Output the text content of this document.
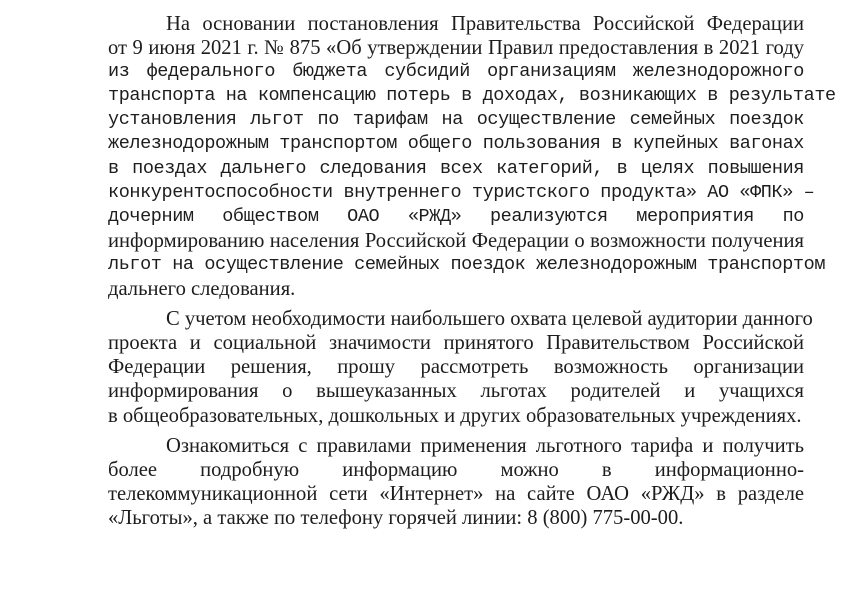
На основании постановления Правительства Российской Федерации
от 9 июня 2021 г. № 875 «Об утверждении Правил предоставления в 2021 году
из федерального бюджета субсидий организациям железнодорожного
транспорта на компенсацию потерь в доходах, возникающих в результате
установления льгот по тарифам на осуществление семейных поездок
железнодорожным транспортом общего пользования в купейных вагонах
в поездах дальнего следования всех категорий, в целях повышения
конкурентоспособности внутреннего туристского продукта» АО «ФПК» –
дочерним обществом ОАО «РЖД» реализуются мероприятия по
информированию населения Российской Федерации о возможности получения
льгот на осуществление семейных поездок железнодорожным транспортом
дальнего следования.
С учетом необходимости наибольшего охвата целевой аудитории данного
проекта и социальной значимости принятого Правительством Российской
Федерации решения, прошу рассмотреть возможность организации
информирования о вышеуказанных льготах родителей и учащихся
в общеобразовательных, дошкольных и других образовательных учреждениях.
Ознакомиться с правилами применения льготного тарифа и получить
более подробную информацию можно в информационно-
телекоммуникационной сети «Интернет» на сайте ОАО «РЖД» в разделе
«Льготы», а также по телефону горячей линии: 8 (800) 775-00-00.
